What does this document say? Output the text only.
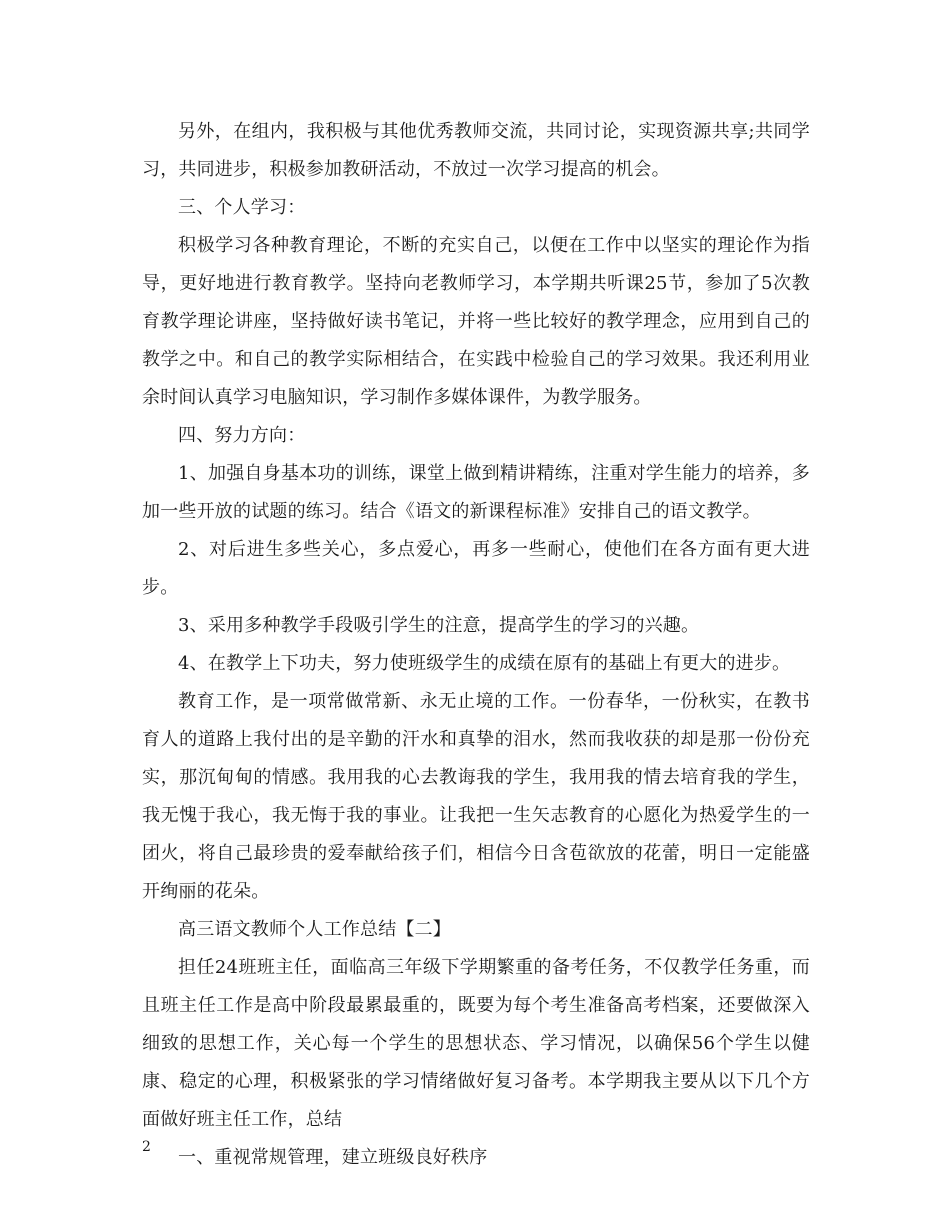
另外，在组内，我积极与其他优秀教师交流，共同讨论，实现资源共享;共同学习，共同进步，积极参加教研活动，不放过一次学习提高的机会。

三、个人学习：

积极学习各种教育理论，不断的充实自己，以便在工作中以坚实的理论作为指导，更好地进行教育教学。坚持向老教师学习，本学期共听课25节，参加了5次教育教学理论讲座，坚持做好读书笔记，并将一些比较好的教学理念，应用到自己的教学之中。和自己的教学实际相结合，在实践中检验自己的学习效果。我还利用业余时间认真学习电脑知识，学习制作多媒体课件，为教学服务。

四、努力方向：

1、加强自身基本功的训练，课堂上做到精讲精练，注重对学生能力的培养，多加一些开放的试题的练习。结合《语文的新课程标准》安排自己的语文教学。

2、对后进生多些关心，多点爱心，再多一些耐心，使他们在各方面有更大进步。

3、采用多种教学手段吸引学生的注意，提高学生的学习的兴趣。

4、在教学上下功夫，努力使班级学生的成绩在原有的基础上有更大的进步。

教育工作，是一项常做常新、永无止境的工作。一份春华，一份秋实，在教书育人的道路上我付出的是辛勤的汗水和真挚的泪水，然而我收获的却是那一份份充实，那沉甸甸的情感。我用我的心去教诲我的学生，我用我的情去培育我的学生，我无愧于我心，我无悔于我的事业。让我把一生矢志教育的心愿化为热爱学生的一团火，将自己最珍贵的爱奉献给孩子们，相信今日含苞欲放的花蕾，明日一定能盛开绚丽的花朵。

高三语文教师个人工作总结【二】

担任24班班主任，面临高三年级下学期繁重的备考任务，不仅教学任务重，而且班主任工作是高中阶段最累最重的，既要为每个考生准备高考档案，还要做深入细致的思想工作，关心每一个学生的思想状态、学习情况，以确保56个学生以健康、稳定的心理，积极紧张的学习情绪做好复习备考。本学期我主要从以下几个方面做好班主任工作，总结

一、重视常规管理，建立班级良好秩序

2
